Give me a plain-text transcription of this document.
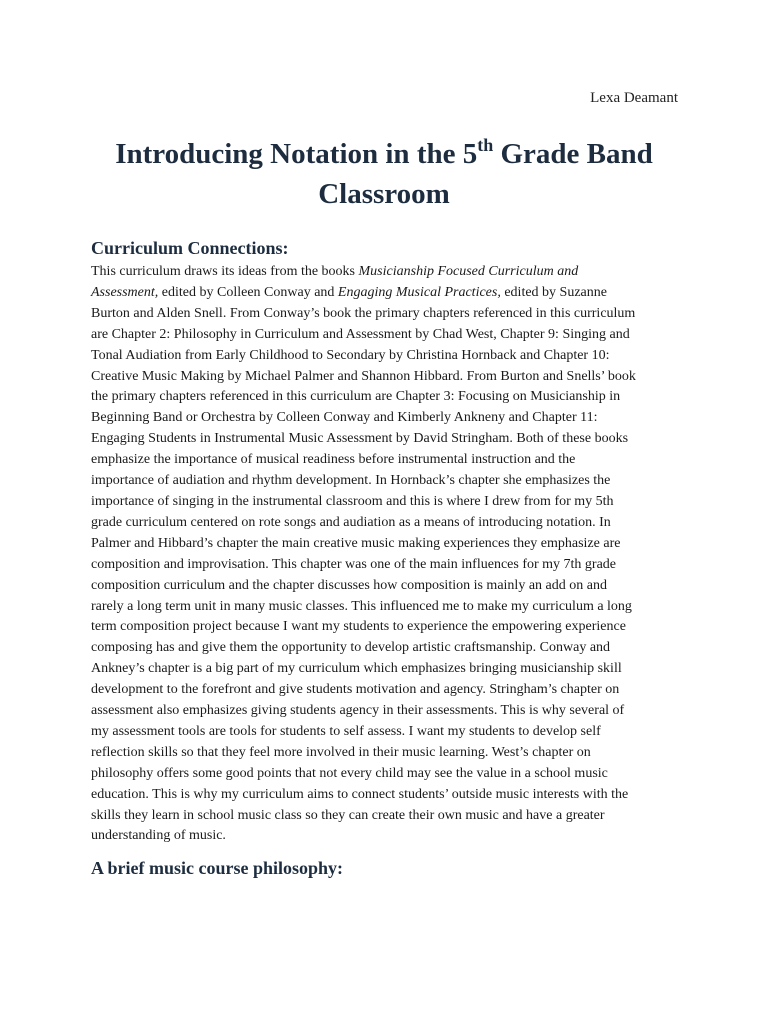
Lexa Deamant
Introducing Notation in the 5th Grade Band
Classroom
Curriculum Connections:
This curriculum draws its ideas from the books Musicianship Focused Curriculum and
Assessment, edited by Colleen Conway and Engaging Musical Practices, edited by Suzanne
Burton and Alden Snell. From Conway’s book the primary chapters referenced in this curriculum
are Chapter 2: Philosophy in Curriculum and Assessment by Chad West, Chapter 9: Singing and
Tonal Audiation from Early Childhood to Secondary by Christina Hornback and Chapter 10:
Creative Music Making by Michael Palmer and Shannon Hibbard. From Burton and Snells’ book
the primary chapters referenced in this curriculum are Chapter 3: Focusing on Musicianship in
Beginning Band or Orchestra by Colleen Conway and Kimberly Ankneny and Chapter 11:
Engaging Students in Instrumental Music Assessment by David Stringham. Both of these books
emphasize the importance of musical readiness before instrumental instruction and the
importance of audiation and rhythm development. In Hornback’s chapter she emphasizes the
importance of singing in the instrumental classroom and this is where I drew from for my 5th
grade curriculum centered on rote songs and audiation as a means of introducing notation. In
Palmer and Hibbard’s chapter the main creative music making experiences they emphasize are
composition and improvisation. This chapter was one of the main influences for my 7th grade
composition curriculum and the chapter discusses how composition is mainly an add on and
rarely a long term unit in many music classes. This influenced me to make my curriculum a long
term composition project because I want my students to experience the empowering experience
composing has and give them the opportunity to develop artistic craftsmanship. Conway and
Ankney’s chapter is a big part of my curriculum which emphasizes bringing musicianship skill
development to the forefront and give students motivation and agency. Stringham’s chapter on
assessment also emphasizes giving students agency in their assessments. This is why several of
my assessment tools are tools for students to self assess. I want my students to develop self
reflection skills so that they feel more involved in their music learning. West’s chapter on
philosophy offers some good points that not every child may see the value in a school music
education. This is why my curriculum aims to connect students’ outside music interests with the
skills they learn in school music class so they can create their own music and have a greater
understanding of music.
A brief music course philosophy:
